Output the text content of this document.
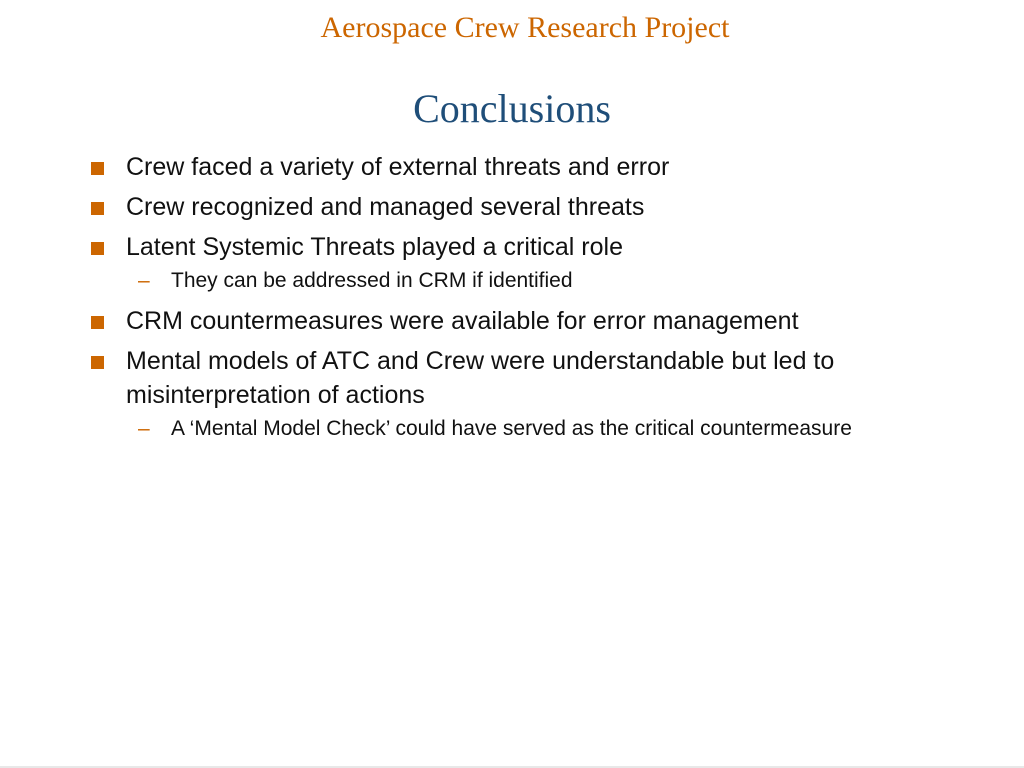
Aerospace Crew Research Project
Conclusions
Crew faced a variety of external threats and error
Crew recognized and managed several threats
Latent Systemic Threats played a critical role
– They can be addressed in CRM if identified
CRM countermeasures were available for error management
Mental models of ATC and Crew were understandable but led to misinterpretation of actions
– A ‘Mental Model Check’ could have served as the critical countermeasure
